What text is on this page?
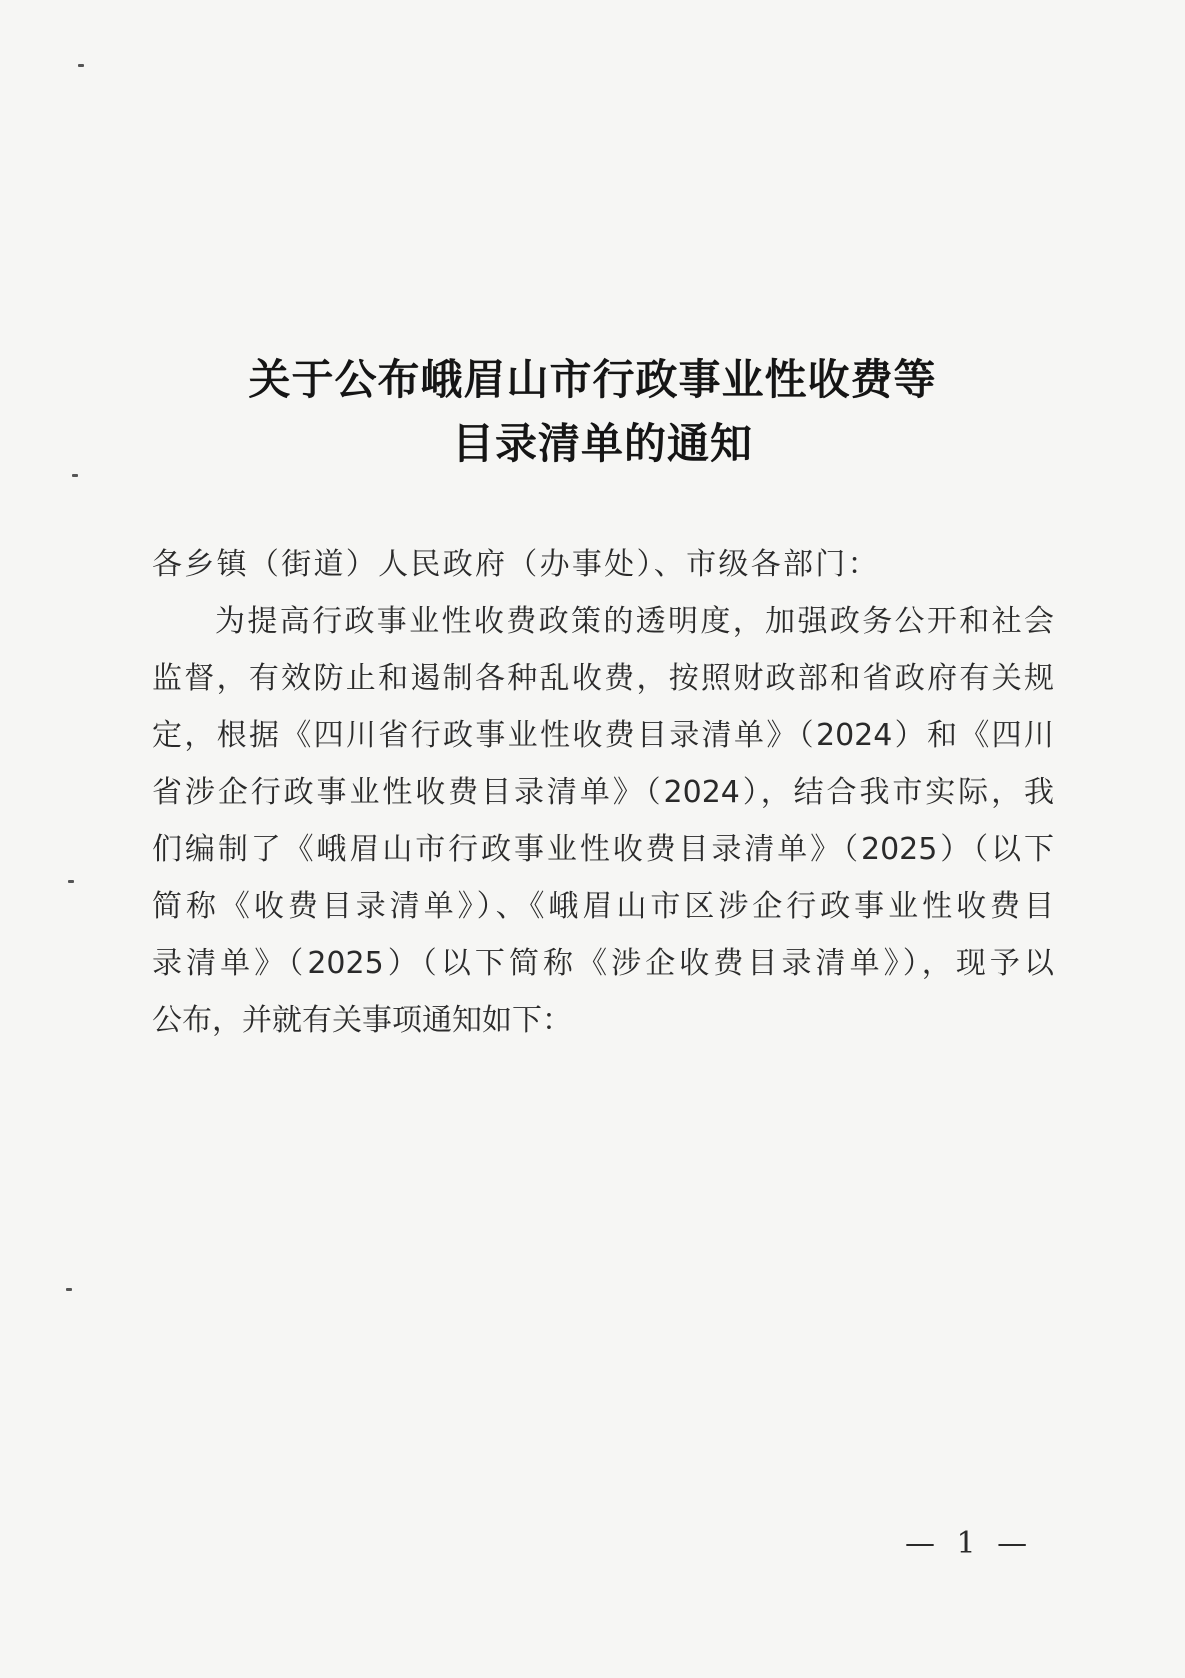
关于公布峨眉山市行政事业性收费等
目录清单的通知
各乡镇（街道）人民政府（办事处）、市级各部门：
为提高行政事业性收费政策的透明度，加强政务公开和社会
监督，有效防止和遏制各种乱收费，按照财政部和省政府有关规
定，根据《四川省行政事业性收费目录清单》（2024）和《四川
省涉企行政事业性收费目录清单》（2024），结合我市实际，我
们编制了《峨眉山市行政事业性收费目录清单》（2025）（以下
简称《收费目录清单》）、《峨眉山市区涉企行政事业性收费目
录清单》（2025）（以下简称《涉企收费目录清单》），现予以
公布，并就有关事项通知如下：
— 1 —
